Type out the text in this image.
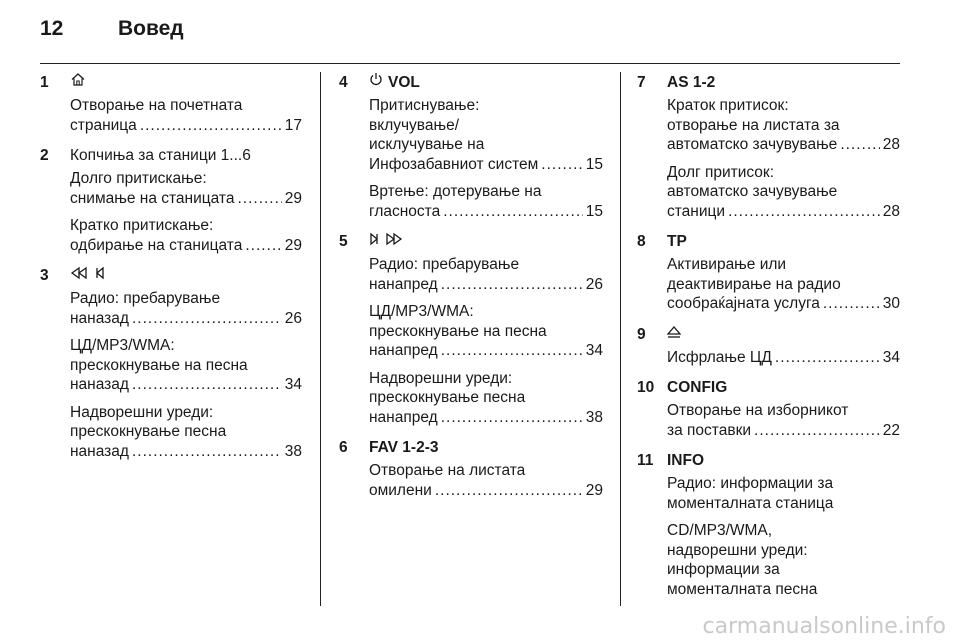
12	Вовед
1
Отворање на почетната
страница .....	17
2 Копчиња за станици 1...6
Долго притискање:
снимање на станицата .....	29
Кратко притискање:
одбирање на станицата .....	29
3
Радио: пребарување
наназад .....	26
ЦД/MP3/WMA:
прескокнување на песна
наназад .....	34
Надворешни уреди:
прескокнување песна
наназад .....	38
4	VOL
Притиснување:
вклучување/
исклучување на
Инфозабавниот систем .....	15
Вртење: дотерување на
гласноста .....	15
5
Радио: пребарување
нанапред .....	26
ЦД/MP3/WMA:
прескокнување на песна
нанапред .....	34
Надворешни уреди:
прескокнување песна
нанапред .....	38
6 FAV 1-2-3
Отворање на листата
омилени .....	29
7 AS 1-2
Краток притисок:
отворање на листата за
автоматско зачувување .....	28
Долг притисок:
автоматско зачувување
станици .....	28
8 TP
Активирање или
деактивирање на радио
сообраќајната услуга .....	30
9
Исфрлање ЦД .....	34
10 CONFIG
Отворање на изборникот
за поставки .....	22
11 INFO
Радио: информации за
моменталната станица
CD/MP3/WMA,
надворешни уреди:
информации за
моменталната песна
carmanualsonline.info
